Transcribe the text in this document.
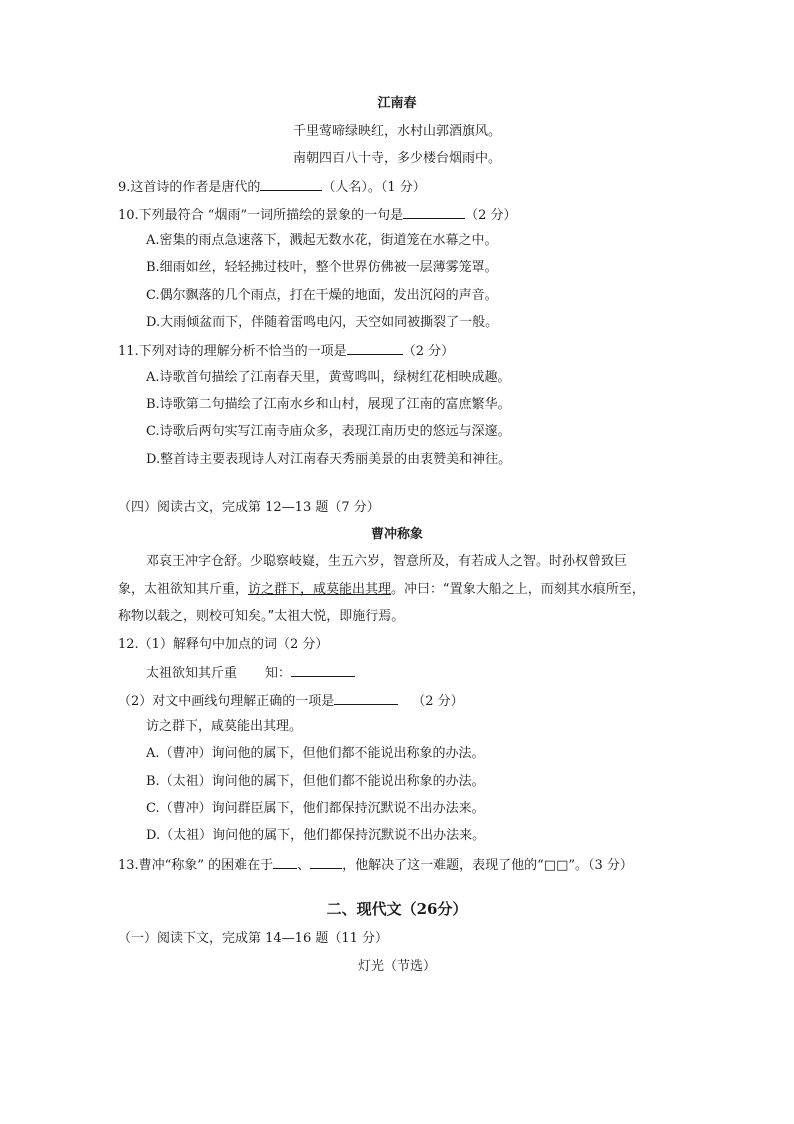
江南春
千里莺啼绿映红，水村山郭酒旗风。
南朝四百八十寺，多少楼台烟雨中。
9.这首诗的作者是唐代的	（人名）。（1 分）
10.下列最符合 “烟雨”一词所描绘的景象的一句是	（2 分）
A.密集的雨点急速落下，溅起无数水花，街道笼在水幕之中。
B.细雨如丝，轻轻拂过枝叶，整个世界仿佛被一层薄雾笼罩。
C.偶尔飘落的几个雨点，打在干燥的地面，发出沉闷的声音。
D.大雨倾盆而下，伴随着雷鸣电闪，天空如同被撕裂了一般。
11.下列对诗的理解分析不恰当的一项是	（2 分）
A.诗歌首句描绘了江南春天里，黄莺鸣叫，绿树红花相映成趣。
B.诗歌第二句描绘了江南水乡和山村，展现了江南的富庶繁华。
C.诗歌后两句实写江南寺庙众多，表现江南历史的悠远与深邃。
D.整首诗主要表现诗人对江南春天秀丽美景的由衷赞美和神往。
（四）阅读古文，完成第 12—13 题（7 分）
曹冲称象
邓哀王冲字仓舒。少聪察岐嶷，生五六岁，智意所及，有若成人之智。时孙权曾致巨
象，太祖欲知其斤重，访之群下，咸莫能出其理。冲曰：“置象大船之上，而刻其水痕所至，
称物以载之，则校可知矣。”太祖大悦，即施行焉。
12.（1）解释句中加点的词（2 分）
太祖欲知其斤重 知：
（2）对文中画线句理解正确的一项是	（2 分）
访之群下，咸莫能出其理。
A.（曹冲）询问他的属下，但他们都不能说出称象的办法。
B.（太祖）询问他的属下，但他们都不能说出称象的办法。
C.（曹冲）询问群臣属下，他们都保持沉默说不出办法来。
D.（太祖）询问他的属下，他们都保持沉默说不出办法来。
13.曹冲“称象” 的困难在于 、 ，他解决了这一难题，表现了他的“□□”。（3 分）
二、现代文（26分）
（一）阅读下文，完成第 14—16 题（11 分）
灯光（节选）
